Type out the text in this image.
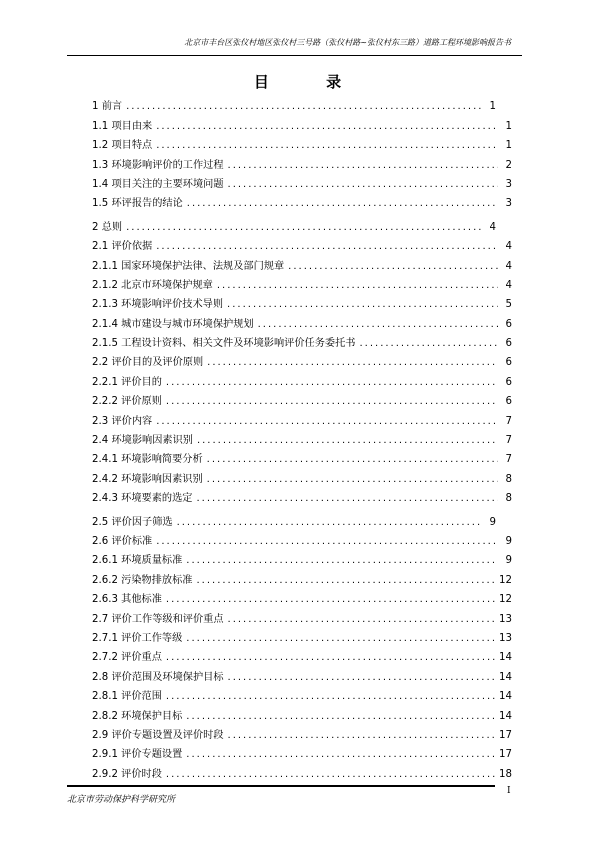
北京市丰台区张仪村地区张仪村三号路（张仪村路~张仪村东三路）道路工程环境影响报告书
目 录
1 前言 .....	1
1.1 项目由来 .....	1
1.2 项目特点 .....	1
1.3 环境影响评价的工作过程 .....	2
1.4 项目关注的主要环境问题 .....	3
1.5 环评报告的结论 .....	3
2 总则 .....	4
2.1 评价依据 .....	4
2.1.1 国家环境保护法律、法规及部门规章 .....	4
2.1.2 北京市环境保护规章 .....	4
2.1.3 环境影响评价技术导则 .....	5
2.1.4 城市建设与城市环境保护规划 .....	6
2.1.5 工程设计资料、相关文件及环境影响评价任务委托书 .....	6
2.2 评价目的及评价原则 .....	6
2.2.1 评价目的 .....	6
2.2.2 评价原则 .....	6
2.3 评价内容 .....	7
2.4 环境影响因素识别 .....	7
2.4.1 环境影响简要分析 .....	7
2.4.2 环境影响因素识别 .....	8
2.4.3 环境要素的选定 .....	8
2.5 评价因子筛选 .....	9
2.6 评价标准 .....	9
2.6.1 环境质量标准 .....	9
2.6.2 污染物排放标准 .....	12
2.6.3 其他标准 .....	12
2.7 评价工作等级和评价重点 .....	13
2.7.1 评价工作等级 .....	13
2.7.2 评价重点 .....	14
2.8 评价范围及环境保护目标 .....	14
2.8.1 评价范围 .....	14
2.8.2 环境保护目标 .....	14
2.9 评价专题设置及评价时段 .....	17
2.9.1 评价专题设置 .....	17
2.9.2 评价时段 .....	18
北京市劳动保护科学研究所
I
